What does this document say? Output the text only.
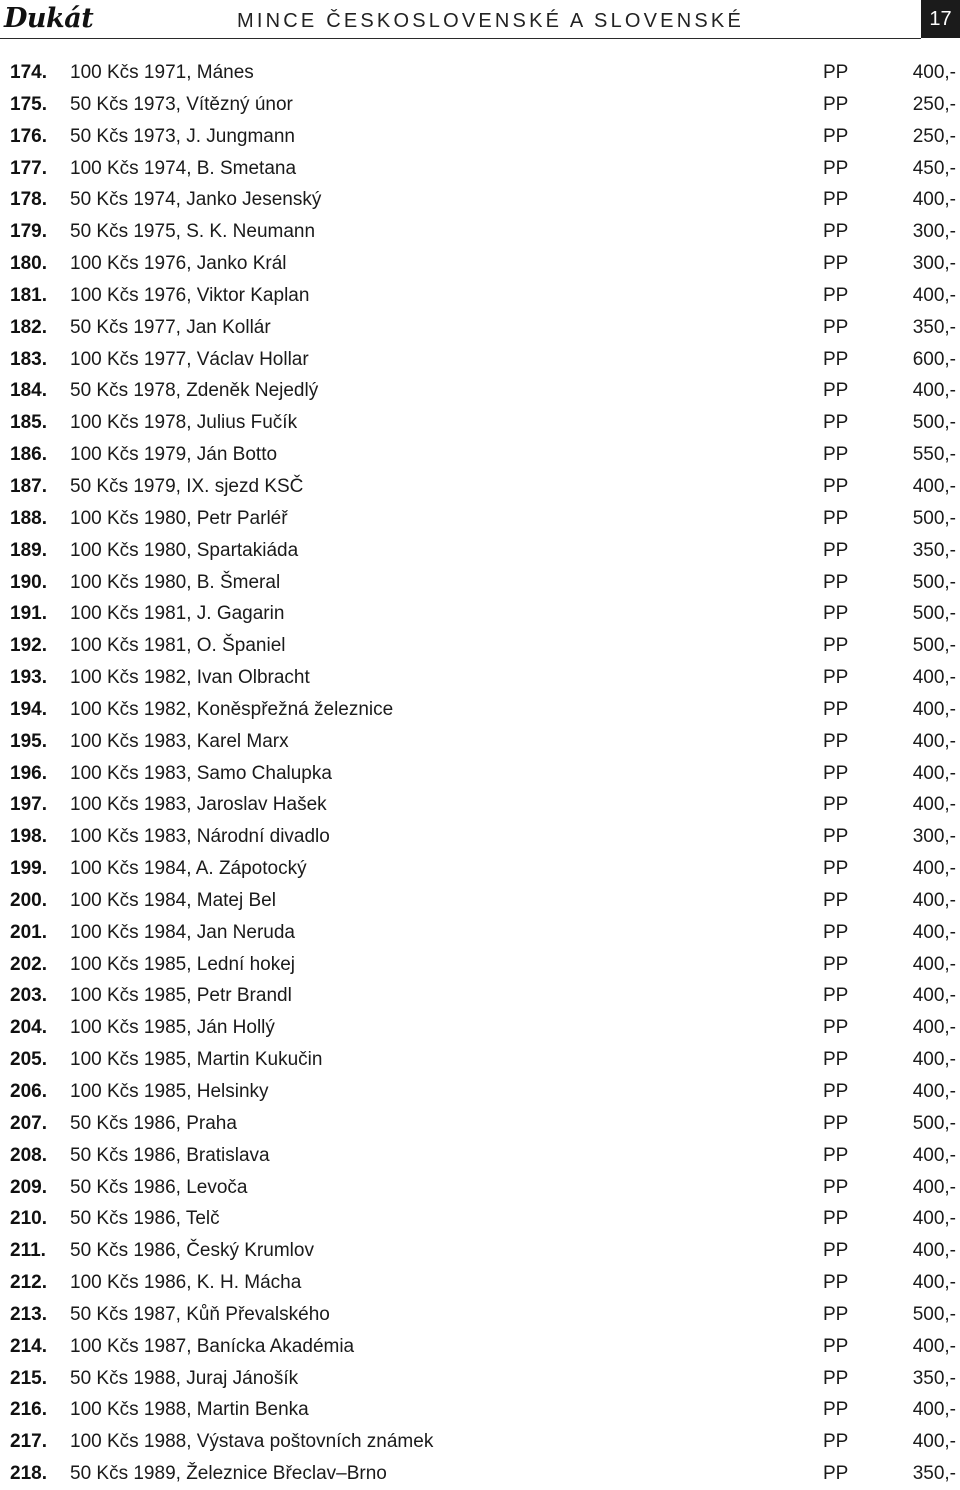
Dukát	MINCE ČESKOSLOVENSKÉ A SLOVENSKÉ	17
174. 100 Kčs 1971, Mánes	PP	400,-
175. 50 Kčs 1973, Vítězný únor	PP	250,-
176. 50 Kčs 1973, J. Jungmann	PP	250,-
177. 100 Kčs 1974, B. Smetana	PP	450,-
178. 50 Kčs 1974, Janko Jesenský	PP	400,-
179. 50 Kčs 1975, S. K. Neumann	PP	300,-
180. 100 Kčs 1976, Janko Král	PP	300,-
181. 100 Kčs 1976, Viktor Kaplan	PP	400,-
182. 50 Kčs 1977, Jan Kollár	PP	350,-
183. 100 Kčs 1977, Václav Hollar	PP	600,-
184. 50 Kčs 1978, Zdeněk Nejedlý	PP	400,-
185. 100 Kčs 1978, Julius Fučík	PP	500,-
186. 100 Kčs 1979, Ján Botto	PP	550,-
187. 50 Kčs 1979, IX. sjezd KSČ	PP	400,-
188. 100 Kčs 1980, Petr Parléř	PP	500,-
189. 100 Kčs 1980, Spartakiáda	PP	350,-
190. 100 Kčs 1980, B. Šmeral	PP	500,-
191. 100 Kčs 1981, J. Gagarin	PP	500,-
192. 100 Kčs 1981, O. Španiel	PP	500,-
193. 100 Kčs 1982, Ivan Olbracht	PP	400,-
194. 100 Kčs 1982, Koněspřežná železnice	PP	400,-
195. 100 Kčs 1983, Karel Marx	PP	400,-
196. 100 Kčs 1983, Samo Chalupka	PP	400,-
197. 100 Kčs 1983, Jaroslav Hašek	PP	400,-
198. 100 Kčs 1983, Národní divadlo	PP	300,-
199. 100 Kčs 1984, A. Zápotocký	PP	400,-
200. 100 Kčs 1984, Matej Bel	PP	400,-
201. 100 Kčs 1984, Jan Neruda	PP	400,-
202. 100 Kčs 1985, Lední hokej	PP	400,-
203. 100 Kčs 1985, Petr Brandl	PP	400,-
204. 100 Kčs 1985, Ján Hollý	PP	400,-
205. 100 Kčs 1985, Martin Kukučin	PP	400,-
206. 100 Kčs 1985, Helsinky	PP	400,-
207. 50 Kčs 1986, Praha	PP	500,-
208. 50 Kčs 1986, Bratislava	PP	400,-
209. 50 Kčs 1986, Levoča	PP	400,-
210. 50 Kčs 1986, Telč	PP	400,-
211. 50 Kčs 1986, Český Krumlov	PP	400,-
212. 100 Kčs 1986, K. H. Mácha	PP	400,-
213. 50 Kčs 1987, Kůň Převalského	PP	500,-
214. 100 Kčs 1987, Banícka Akadémia	PP	400,-
215. 50 Kčs 1988, Juraj Jánošík	PP	350,-
216. 100 Kčs 1988, Martin Benka	PP	400,-
217. 100 Kčs 1988, Výstava poštovních známek	PP	400,-
218. 50 Kčs 1989, Železnice Břeclav–Brno	PP	350,-
